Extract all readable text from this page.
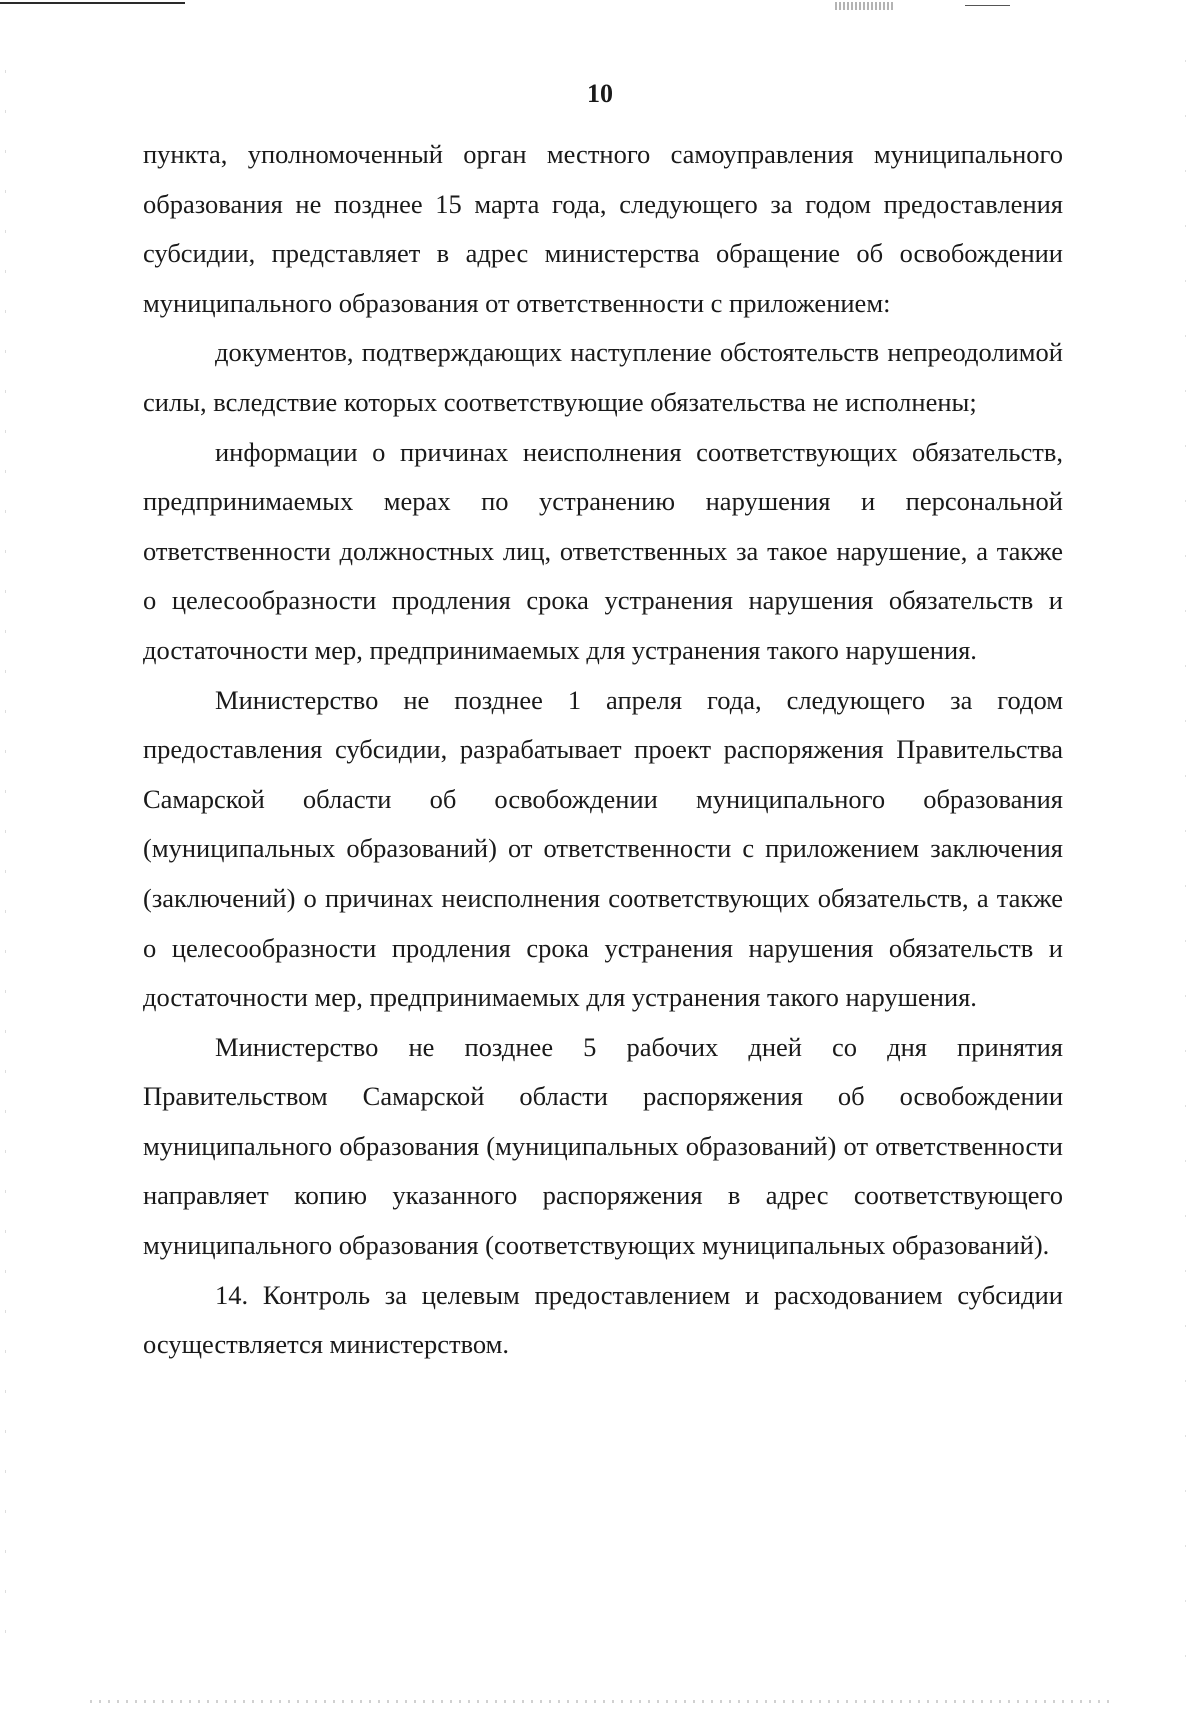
10

пункта, уполномоченный орган местного самоуправления муниципального образования не позднее 15 марта года, следующего за годом предоставления субсидии, представляет в адрес министерства обращение об освобождении муниципального образования от ответственности с приложением:

документов, подтверждающих наступление обстоятельств непреодолимой силы, вследствие которых соответствующие обязательства не исполнены;

информации о причинах неисполнения соответствующих обязательств, предпринимаемых мерах по устранению нарушения и персональной ответственности должностных лиц, ответственных за такое нарушение, а также о целесообразности продления срока устранения нарушения обязательств и достаточности мер, предпринимаемых для устранения такого нарушения.

Министерство не позднее 1 апреля года, следующего за годом предоставления субсидии, разрабатывает проект распоряжения Правительства Самарской области об освобождении муниципального образования (муниципальных образований) от ответственности с приложением заключения (заключений) о причинах неисполнения соответствующих обязательств, а также о целесообразности продления срока устранения нарушения обязательств и достаточности мер, предпринимаемых для устранения такого нарушения.

Министерство не позднее 5 рабочих дней со дня принятия Правительством Самарской области распоряжения об освобождении муниципального образования (муниципальных образований) от ответственности направляет копию указанного распоряжения в адрес соответствующего муниципального образования (соответствующих муниципальных образований).

14. Контроль за целевым предоставлением и расходованием субсидии осуществляется министерством.
